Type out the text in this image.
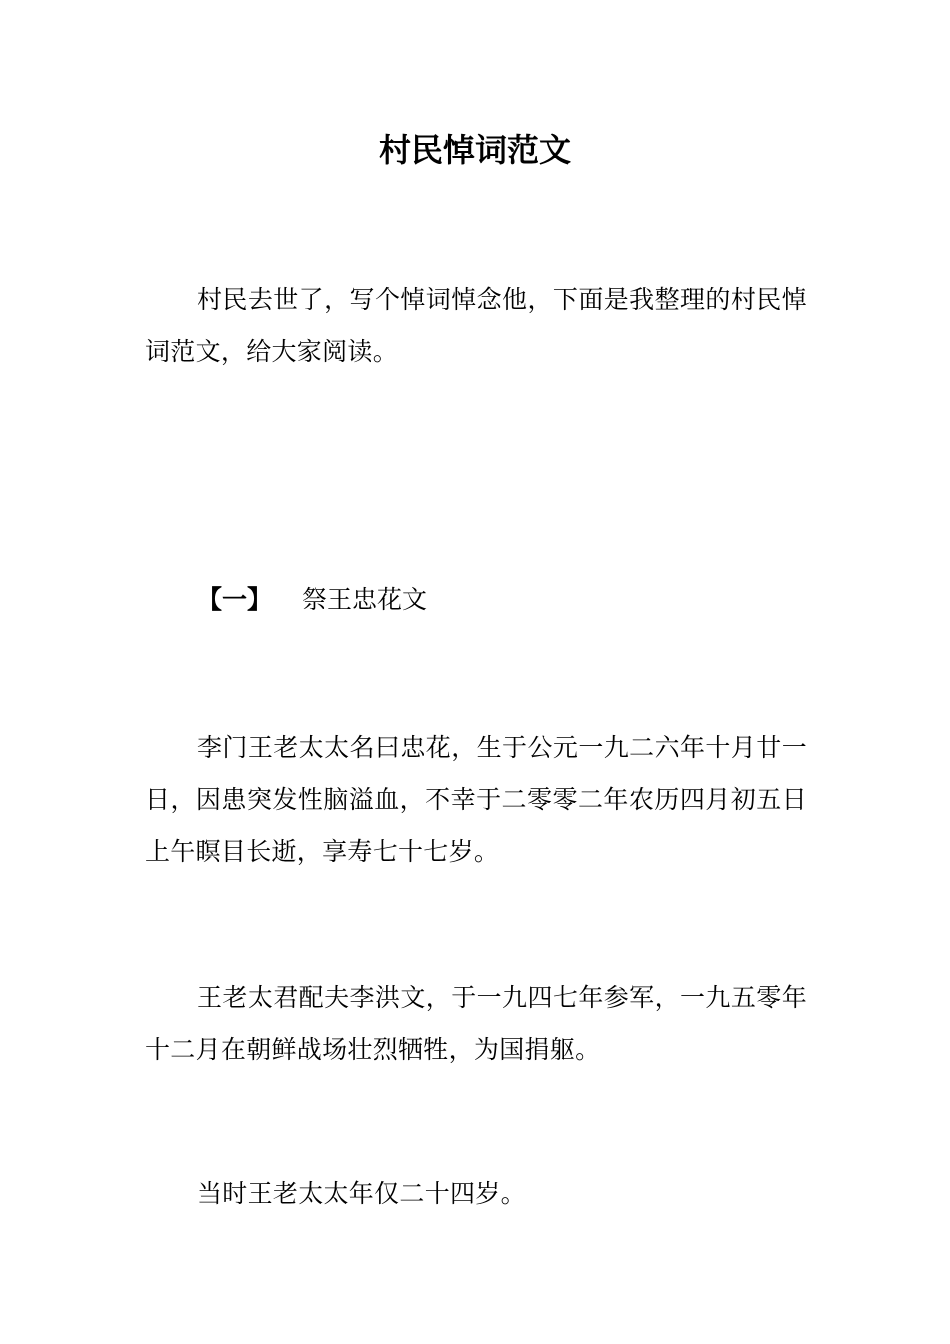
村民悼词范文

村民去世了，写个悼词悼念他，下面是我整理的村民悼词范文，给大家阅读。

【一】 祭王忠花文

李门王老太太名曰忠花，生于公元一九二六年十月廿一日，因患突发性脑溢血，不幸于二零零二年农历四月初五日上午瞑目长逝，享寿七十七岁。

王老太君配夫李洪文，于一九四七年参军，一九五零年十二月在朝鲜战场壮烈牺牲，为国捐躯。

当时王老太太年仅二十四岁。
